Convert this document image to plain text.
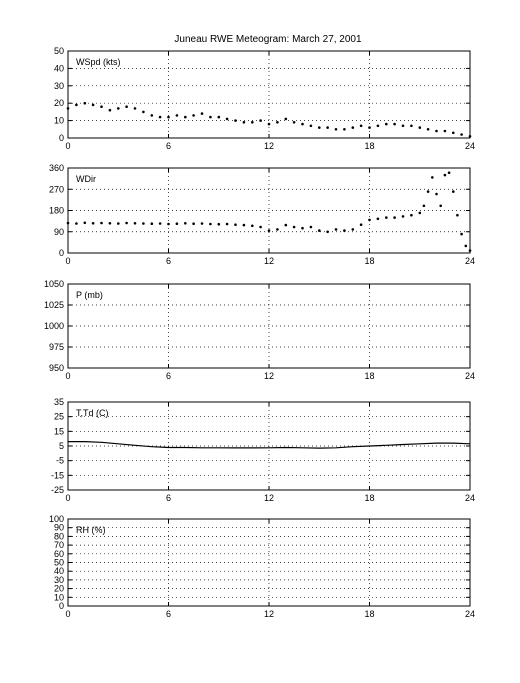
Juneau RWE Meteogram: March 27, 2001
0
10
20
30
40
50
0	6	12	18	24
WSpd (kts)
0
90
180
270
360
0	6	12	18	24
WDir
950
975
1000
1025
1050
0	6	12	18	24
P (mb)
-25
-15
-5
5
15
25
35
0	6	12	18	24
T,Td (C)
0
10
20
30
40
50
60
70
80
90
100
0	6	12	18	24
RH (%)
